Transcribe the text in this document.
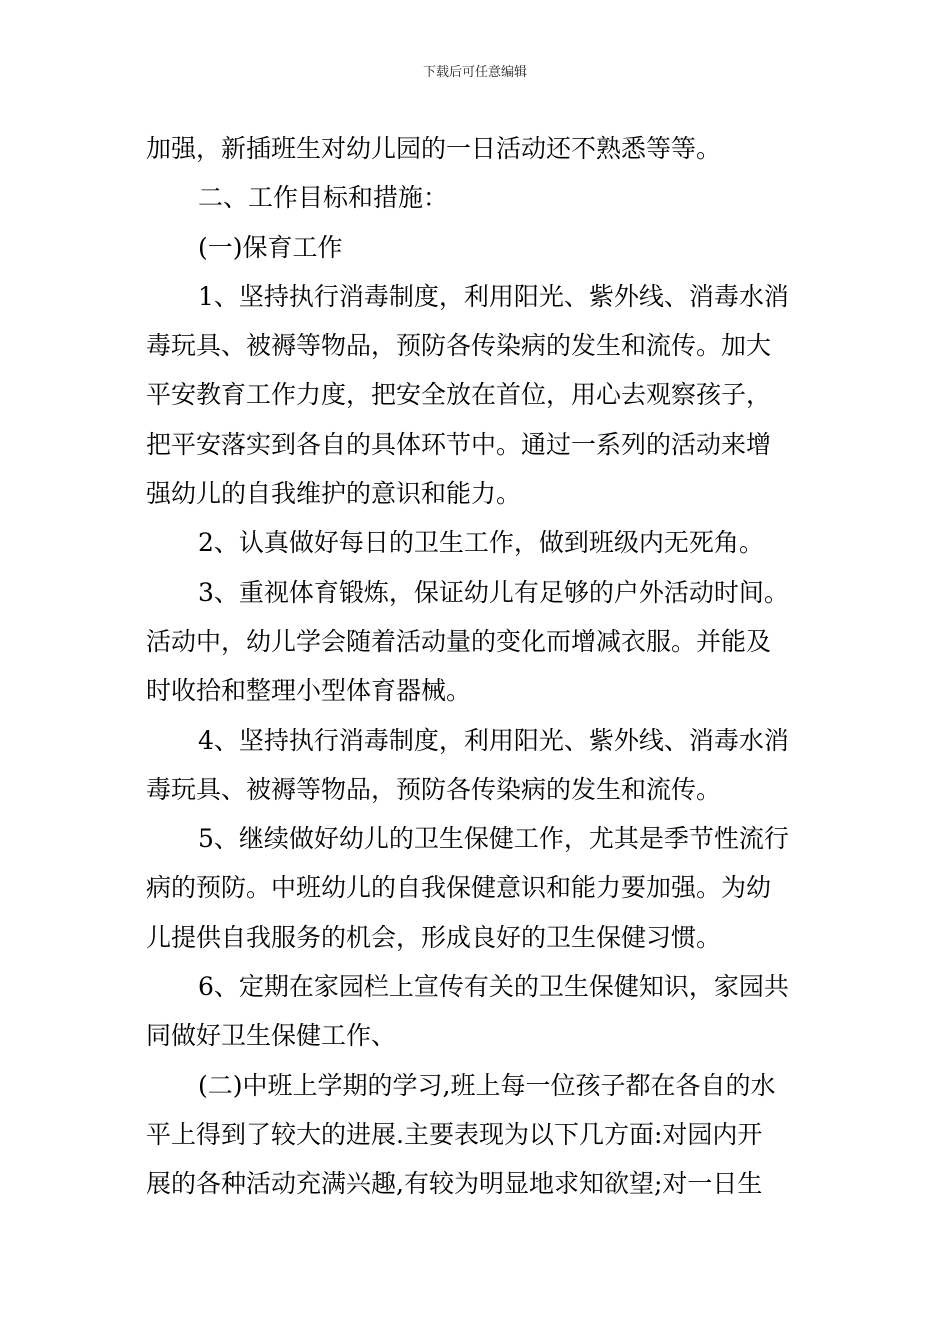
下载后可任意编辑
加强，新插班生对幼儿园的一日活动还不熟悉等等。
二、工作目标和措施：
(一)保育工作
1、坚持执行消毒制度，利用阳光、紫外线、消毒水消
毒玩具、被褥等物品，预防各传染病的发生和流传。加大
平安教育工作力度，把安全放在首位，用心去观察孩子，
把平安落实到各自的具体环节中。通过一系列的活动来增
强幼儿的自我维护的意识和能力。
2、认真做好每日的卫生工作，做到班级内无死角。
3、重视体育锻炼，保证幼儿有足够的户外活动时间。
活动中，幼儿学会随着活动量的变化而增减衣服。并能及
时收拾和整理小型体育器械。
4、坚持执行消毒制度，利用阳光、紫外线、消毒水消
毒玩具、被褥等物品，预防各传染病的发生和流传。
5、继续做好幼儿的卫生保健工作，尤其是季节性流行
病的预防。中班幼儿的自我保健意识和能力要加强。为幼
儿提供自我服务的机会，形成良好的卫生保健习惯。
6、定期在家园栏上宣传有关的卫生保健知识，家园共
同做好卫生保健工作、
(二)中班上学期的学习,班上每一位孩子都在各自的水
平上得到了较大的进展.主要表现为以下几方面:对园内开
展的各种活动充满兴趣,有较为明显地求知欲望;对一日生
